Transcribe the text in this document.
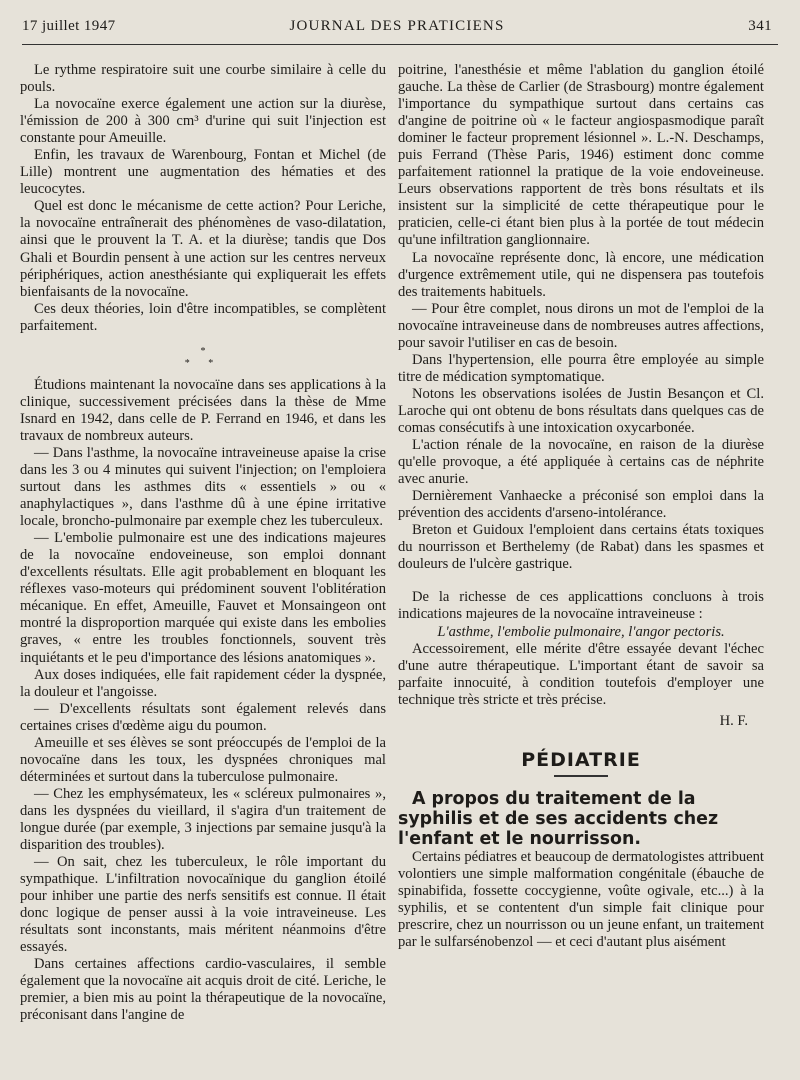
17 juillet 1947	JOURNAL DES PRATICIENS	341

Le rythme respiratoire suit une courbe similaire à celle du pouls.

La novocaïne exerce également une action sur la diurèse, l'émission de 200 à 300 cm³ d'urine qui suit l'injection est constante pour Ameuille.

Enfin, les travaux de Warenbourg, Fontan et Michel (de Lille) montrent une augmentation des hématies et des leucocytes.

Quel est donc le mécanisme de cette action? Pour Leriche, la novocaïne entraînerait des phénomènes de vaso-dilatation, ainsi que le prouvent la T. A. et la diurèse; tandis que Dos Ghali et Bourdin pensent à une action sur les centres nerveux périphériques, action anesthésiante qui expliquerait les effets bienfaisants de la novocaïne.

Ces deux théories, loin d'être incompatibles, se complètent parfaitement.

*
* *

Étudions maintenant la novocaïne dans ses applications à la clinique, successivement précisées dans la thèse de Mme Isnard en 1942, dans celle de P. Ferrand en 1946, et dans les travaux de nombreux auteurs.

— Dans l'asthme, la novocaïne intraveineuse apaise la crise dans les 3 ou 4 minutes qui suivent l'injection; on l'emploiera surtout dans les asthmes dits « essentiels » ou « anaphylactiques », dans l'asthme dû à une épine irritative locale, broncho-pulmonaire par exemple chez les tuberculeux.

— L'embolie pulmonaire est une des indications majeures de la novocaïne endoveineuse, son emploi donnant d'excellents résultats. Elle agit probablement en bloquant les réflexes vaso-moteurs qui prédominent souvent l'oblitération mécanique. En effet, Ameuille, Fauvet et Monsaingeon ont montré la disproportion marquée qui existe dans les embolies graves, « entre les troubles fonctionnels, souvent très inquiétants et le peu d'importance des lésions anatomiques ».

Aux doses indiquées, elle fait rapidement céder la dyspnée, la douleur et l'angoisse.

— D'excellents résultats sont également relevés dans certaines crises d'œdème aigu du poumon.

Ameuille et ses élèves se sont préoccupés de l'emploi de la novocaïne dans les toux, les dyspnées chroniques mal déterminées et surtout dans la tuberculose pulmonaire.

— Chez les emphysémateux, les « scléreux pulmonaires », dans les dyspnées du vieillard, il s'agira d'un traitement de longue durée (par exemple, 3 injections par semaine jusqu'à la disparition des troubles).

— On sait, chez les tuberculeux, le rôle important du sympathique. L'infiltration novocaïnique du ganglion étoilé pour inhiber une partie des nerfs sensitifs est connue. Il était donc logique de penser aussi à la voie intraveineuse. Les résultats sont inconstants, mais méritent néanmoins d'être essayés.

Dans certaines affections cardio-vasculaires, il semble également que la novocaïne ait acquis droit de cité. Leriche, le premier, a bien mis au point la thérapeutique de la novocaïne, préconisant dans l'angine de

poitrine, l'anesthésie et même l'ablation du ganglion étoilé gauche. La thèse de Carlier (de Strasbourg) montre également l'importance du sympathique surtout dans certains cas d'angine de poitrine où « le facteur angiospasmodique paraît dominer le facteur proprement lésionnel ». L.-N. Deschamps, puis Ferrand (Thèse Paris, 1946) estiment donc comme parfaitement rationnel la pratique de la voie endoveineuse. Leurs observations rapportent de très bons résultats et ils insistent sur la simplicité de cette thérapeutique pour le praticien, celle-ci étant bien plus à la portée de tout médecin qu'une infiltration ganglionnaire.

La novocaïne représente donc, là encore, une médication d'urgence extrêmement utile, qui ne dispensera pas toutefois des traitements habituels.

— Pour être complet, nous dirons un mot de l'emploi de la novocaïne intraveineuse dans de nombreuses autres affections, pour savoir l'utiliser en cas de besoin.

Dans l'hypertension, elle pourra être employée au simple titre de médication symptomatique.

Notons les observations isolées de Justin Besançon et Cl. Laroche qui ont obtenu de bons résultats dans quelques cas de comas consécutifs à une intoxication oxycarbonée.

L'action rénale de la novocaïne, en raison de la diurèse qu'elle provoque, a été appliquée à certains cas de néphrite avec anurie.

Dernièrement Vanhaecke a préconisé son emploi dans la prévention des accidents d'arseno-intolérance.

Breton et Guidoux l'emploient dans certains états toxiques du nourrisson et Berthelemy (de Rabat) dans les spasmes et douleurs de l'ulcère gastrique.

De la richesse de ces applicattions concluons à trois indications majeures de la novocaïne intraveineuse :

L'asthme, l'embolie pulmonaire, l'angor pectoris.

Accessoirement, elle mérite d'être essayée devant l'échec d'une autre thérapeutique. L'important étant de savoir sa parfaite innocuité, à condition toutefois d'employer une technique très stricte et très précise.

H. F.

PÉDIATRIE

A propos du traitement de la syphilis et de ses accidents chez l'enfant et le nourrisson.

Certains pédiatres et beaucoup de dermatologistes attribuent volontiers une simple malformation congénitale (ébauche de spinabifida, fossette coccygienne, voûte ogivale, etc...) à la syphilis, et se contentent d'un simple fait clinique pour prescrire, chez un nourrisson ou un jeune enfant, un traitement par le sulfarsénobenzol — et ceci d'autant plus aisément
